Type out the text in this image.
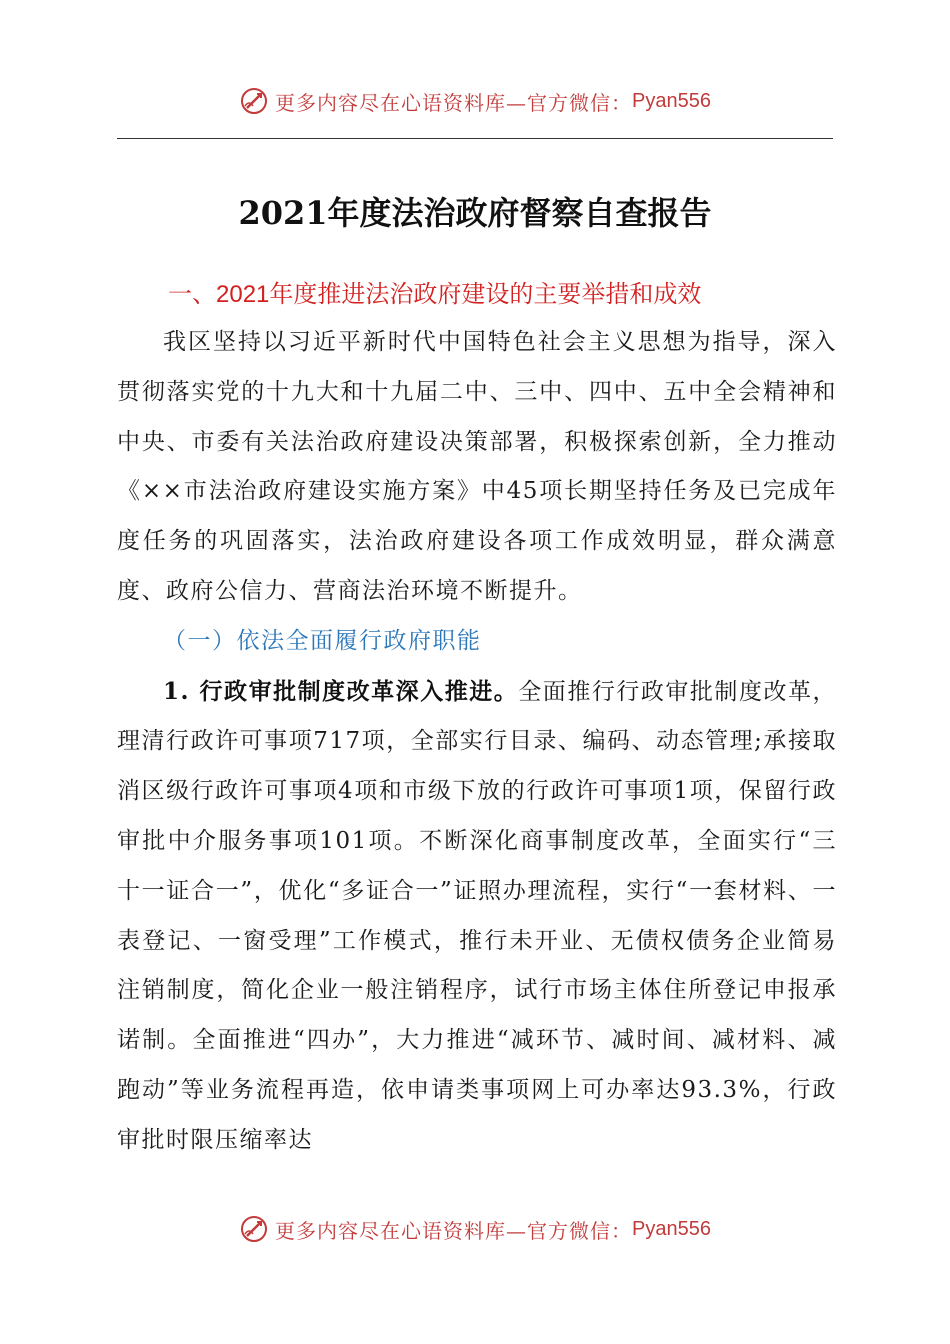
更多内容尽在心语资料库—官方微信： Pyan556
2021年度法治政府督察自查报告
一、2021年度推进法治政府建设的主要举措和成效

我区坚持以习近平新时代中国特色社会主义思想为指导，深入贯彻落实党的十九大和十九届二中、三中、四中、五中全会精神和中央、市委有关法治政府建设决策部署，积极探索创新，全力推动《××市法治政府建设实施方案》中45项长期坚持任务及已完成年度任务的巩固落实，法治政府建设各项工作成效明显，群众满意度、政府公信力、营商法治环境不断提升。

（一）依法全面履行政府职能

1. 行政审批制度改革深入推进。全面推行行政审批制度改革，理清行政许可事项717项，全部实行目录、编码、动态管理;承接取消区级行政许可事项4项和市级下放的行政许可事项1项，保留行政审批中介服务事项101项。不断深化商事制度改革，全面实行“三十一证合一”，优化“多证合一”证照办理流程，实行“一套材料、一表登记、一窗受理”工作模式，推行未开业、无债权债务企业简易注销制度，简化企业一般注销程序，试行市场主体住所登记申报承诺制。全面推进“四办”，大力推进“减环节、减时间、减材料、减跑动”等业务流程再造，依申请类事项网上可办率达93.3%，行政审批时限压缩率达

更多内容尽在心语资料库—官方微信： Pyan556
